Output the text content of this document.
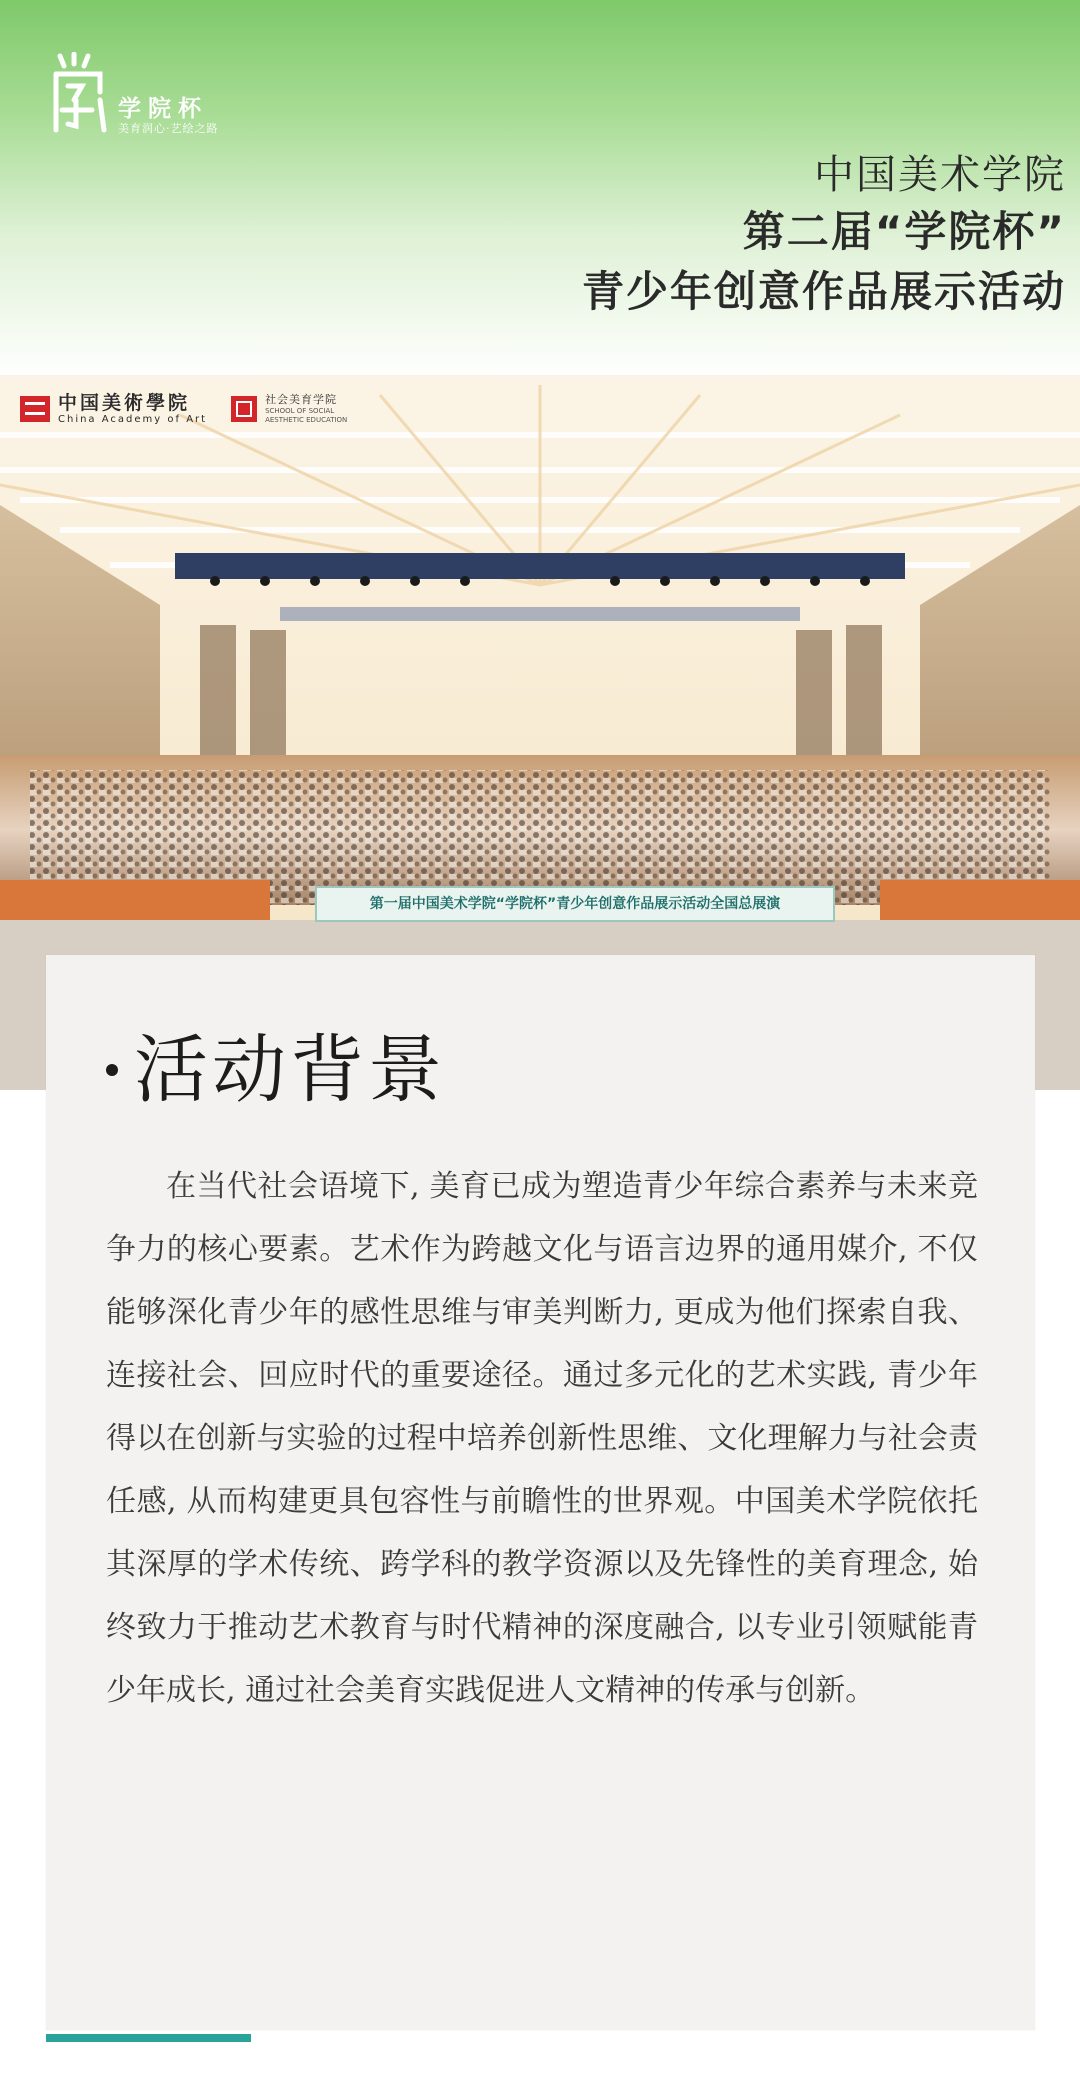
学院杯
美育润心·艺绘之路
中国美术学院
第二届“学院杯”
青少年创意作品展示活动
中国美術學院
China Academy of Art
社会美育学院
SCHOOL OF SOCIAL
AESTHETIC EDUCATION
第一届中国美术学院“学院杯”青少年创意作品展示活动全国总展演
活动背景

在当代社会语境下, 美育已成为塑造青少年综合素养与未来竞争力的核心要素。艺术作为跨越文化与语言边界的通用媒介, 不仅能够深化青少年的感性思维与审美判断力, 更成为他们探索自我、连接社会、回应时代的重要途径。通过多元化的艺术实践, 青少年得以在创新与实验的过程中培养创新性思维、文化理解力与社会责任感, 从而构建更具包容性与前瞻性的世界观。中国美术学院依托其深厚的学术传统、跨学科的教学资源以及先锋性的美育理念, 始终致力于推动艺术教育与时代精神的深度融合, 以专业引领赋能青少年成长, 通过社会美育实践促进人文精神的传承与创新。
